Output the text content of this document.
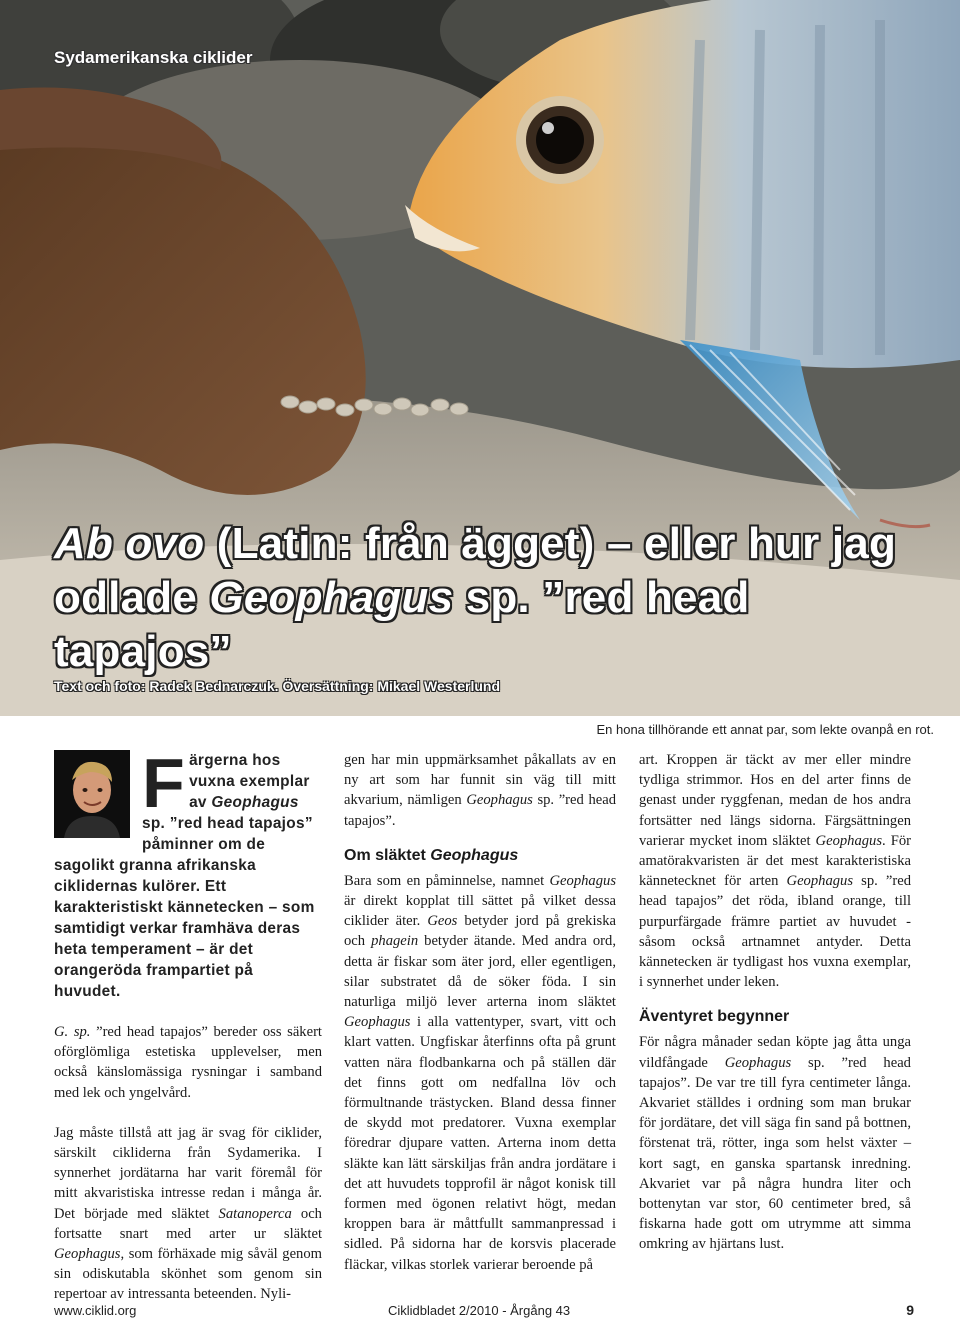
Sydamerikanska ciklider
Ab ovo (Latin: från ägget) – eller hur jag odlade Geophagus sp. ”red head tapajos”
Text och foto: Radek Bednarczuk. Översättning: Mikael Westerlund
En hona tillhörande ett annat par, som lekte ovanpå en rot.

Färgerna hos vuxna exemplar av Geophagus sp. ”red head tapajos” påminner om de sagolikt granna afrikanska ciklidernas kulörer. Ett karakteristiskt kännetecken – som samtidigt verkar framhäva deras heta temperament – är det orangeröda frampartiet på huvudet.

G. sp. ”red head tapajos” bereder oss säkert oförglömliga estetiska upplevelser, men också känslomässiga rysningar i samband med lek och yngelvård.

Jag måste tillstå att jag är svag för ciklider, särskilt cikliderna från Sydamerika. I synnerhet jordätarna har varit föremål för mitt akvaristiska intresse redan i många år. Det började med släktet Satanoperca och fortsatte snart med arter ur släktet Geophagus, som förhäxade mig såväl genom sin odiskutabla skönhet som genom sin repertoar av intressanta beteenden. Nyli-

gen har min uppmärksamhet påkallats av en ny art som har funnit sin väg till mitt akvarium, nämligen Geophagus sp. ”red head tapajos”.

Om släktet Geophagus

Bara som en påminnelse, namnet Geophagus är direkt kopplat till sättet på vilket dessa ciklider äter. Geos betyder jord på grekiska och phagein betyder ätande. Med andra ord, detta är fiskar som äter jord, eller egentligen, silar substratet då de söker föda. I sin naturliga miljö lever arterna inom släktet Geophagus i alla vattentyper, svart, vitt och klart vatten. Ungfiskar återfinns ofta på grunt vatten nära flodbankarna och på ställen där det finns gott om nedfallna löv och förmultnande trästycken. Bland dessa finner de skydd mot predatorer. Vuxna exemplar föredrar djupare vatten. Arterna inom detta släkte kan lätt särskiljas från andra jordätare i det att huvudets topprofil är något konisk till formen med ögonen relativt högt, medan kroppen bara är måttfullt sammanpressad i sidled. På sidorna har de korsvis placerade fläckar, vilkas storlek varierar beroende på

art. Kroppen är täckt av mer eller mindre tydliga strimmor. Hos en del arter finns de genast under ryggfenan, medan de hos andra fortsätter ned längs sidorna. Färgsättningen varierar mycket inom släktet Geophagus. För amatörakvaristen är det mest karakteristiska kännetecknet för arten Geophagus sp. ”red head tapajos” det röda, ibland orange, till purpurfärgade främre partiet av huvudet - såsom också artnamnet antyder. Detta kännetecken är tydligast hos vuxna exemplar, i synnerhet under leken.

Äventyret begynner

För några månader sedan köpte jag åtta unga vildfångade Geophagus sp. ”red head tapajos”. De var tre till fyra centimeter långa. Akvariet ställdes i ordning som man brukar för jordätare, det vill säga fin sand på bottnen, förstenat trä, rötter, inga som helst växter – kort sagt, en ganska spartansk inredning. Akvariet var på några hundra liter och bottenytan var stor, 60 centimeter bred, så fiskarna hade gott om utrymme att simma omkring av hjärtans lust.

www.ciklid.org	Ciklidbladet 2/2010 - Årgång 43	9
